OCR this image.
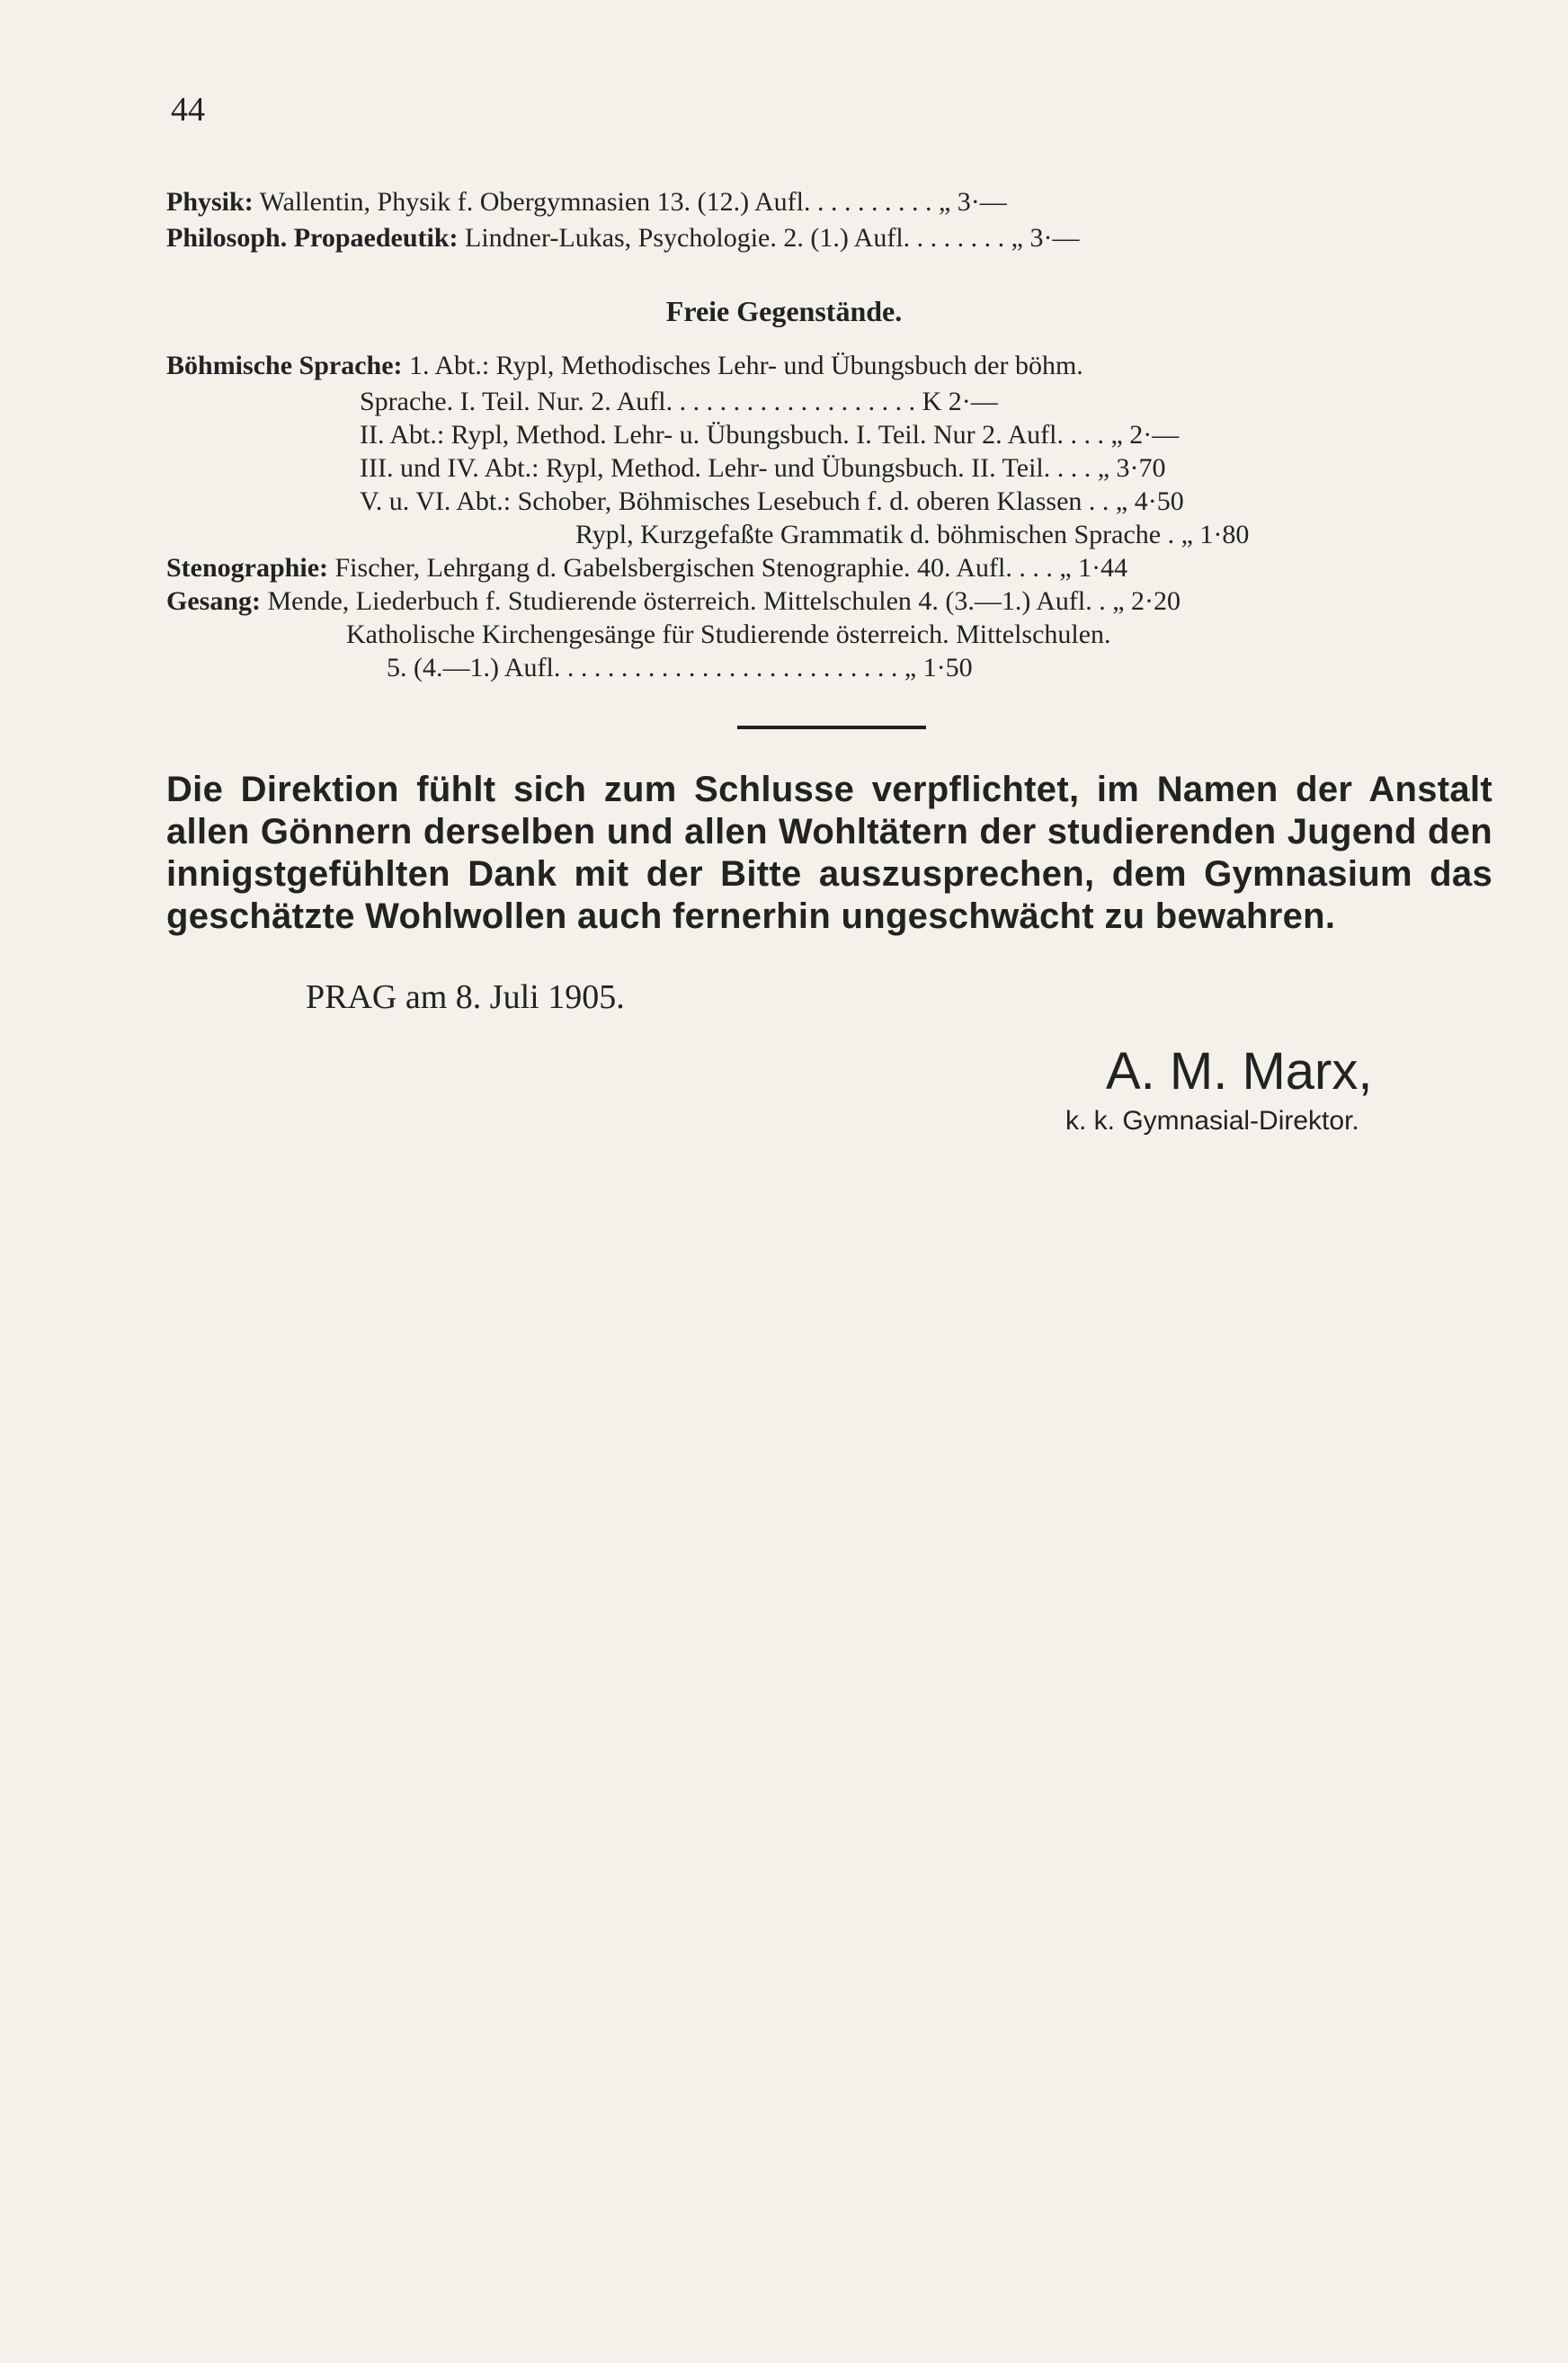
44
Physik: Wallentin, Physik f. Obergymnasien 13. (12.) Aufl. . . . . . . . . . „ 3·—
Philosoph. Propaedeutik: Lindner-Lukas, Psychologie. 2. (1.) Aufl. . . . . . . . „ 3·—
Freie Gegenstände.
Böhmische Sprache: 1. Abt.: Rypl, Methodisches Lehr- und Übungsbuch der böhm.
Sprache. I. Teil. Nur. 2. Aufl. . . . . . . . . . . . . . . . . . . K 2·—
II. Abt.: Rypl, Method. Lehr- u. Übungsbuch. I. Teil. Nur 2. Aufl. . . . „ 2·—
III. und IV. Abt.: Rypl, Method. Lehr- und Übungsbuch. II. Teil. . . . „ 3·70
V. u. VI. Abt.: Schober, Böhmisches Lesebuch f. d. oberen Klassen . . „ 4·50
Rypl, Kurzgefaßte Grammatik d. böhmischen Sprache . „ 1·80
Stenographie: Fischer, Lehrgang d. Gabelsbergischen Stenographie. 40. Aufl. . . . „ 1·44
Gesang: Mende, Liederbuch f. Studierende österreich. Mittelschulen 4. (3.—1.) Aufl. . „ 2·20
Katholische Kirchengesänge für Studierende österreich. Mittelschulen.
5. (4.—1.) Aufl. . . . . . . . . . . . . . . . . . . . . . . . . . „ 1·50
Die Direktion fühlt sich zum Schlusse verpflichtet, im Namen der Anstalt allen Gönnern derselben und allen Wohltätern der studierenden Jugend den innigstgefühlten Dank mit der Bitte auszusprechen, dem Gymnasium das geschätzte Wohlwollen auch fernerhin ungeschwächt zu bewahren.
PRAG am 8. Juli 1905.
A. M. Marx,
k. k. Gymnasial-Direktor.
